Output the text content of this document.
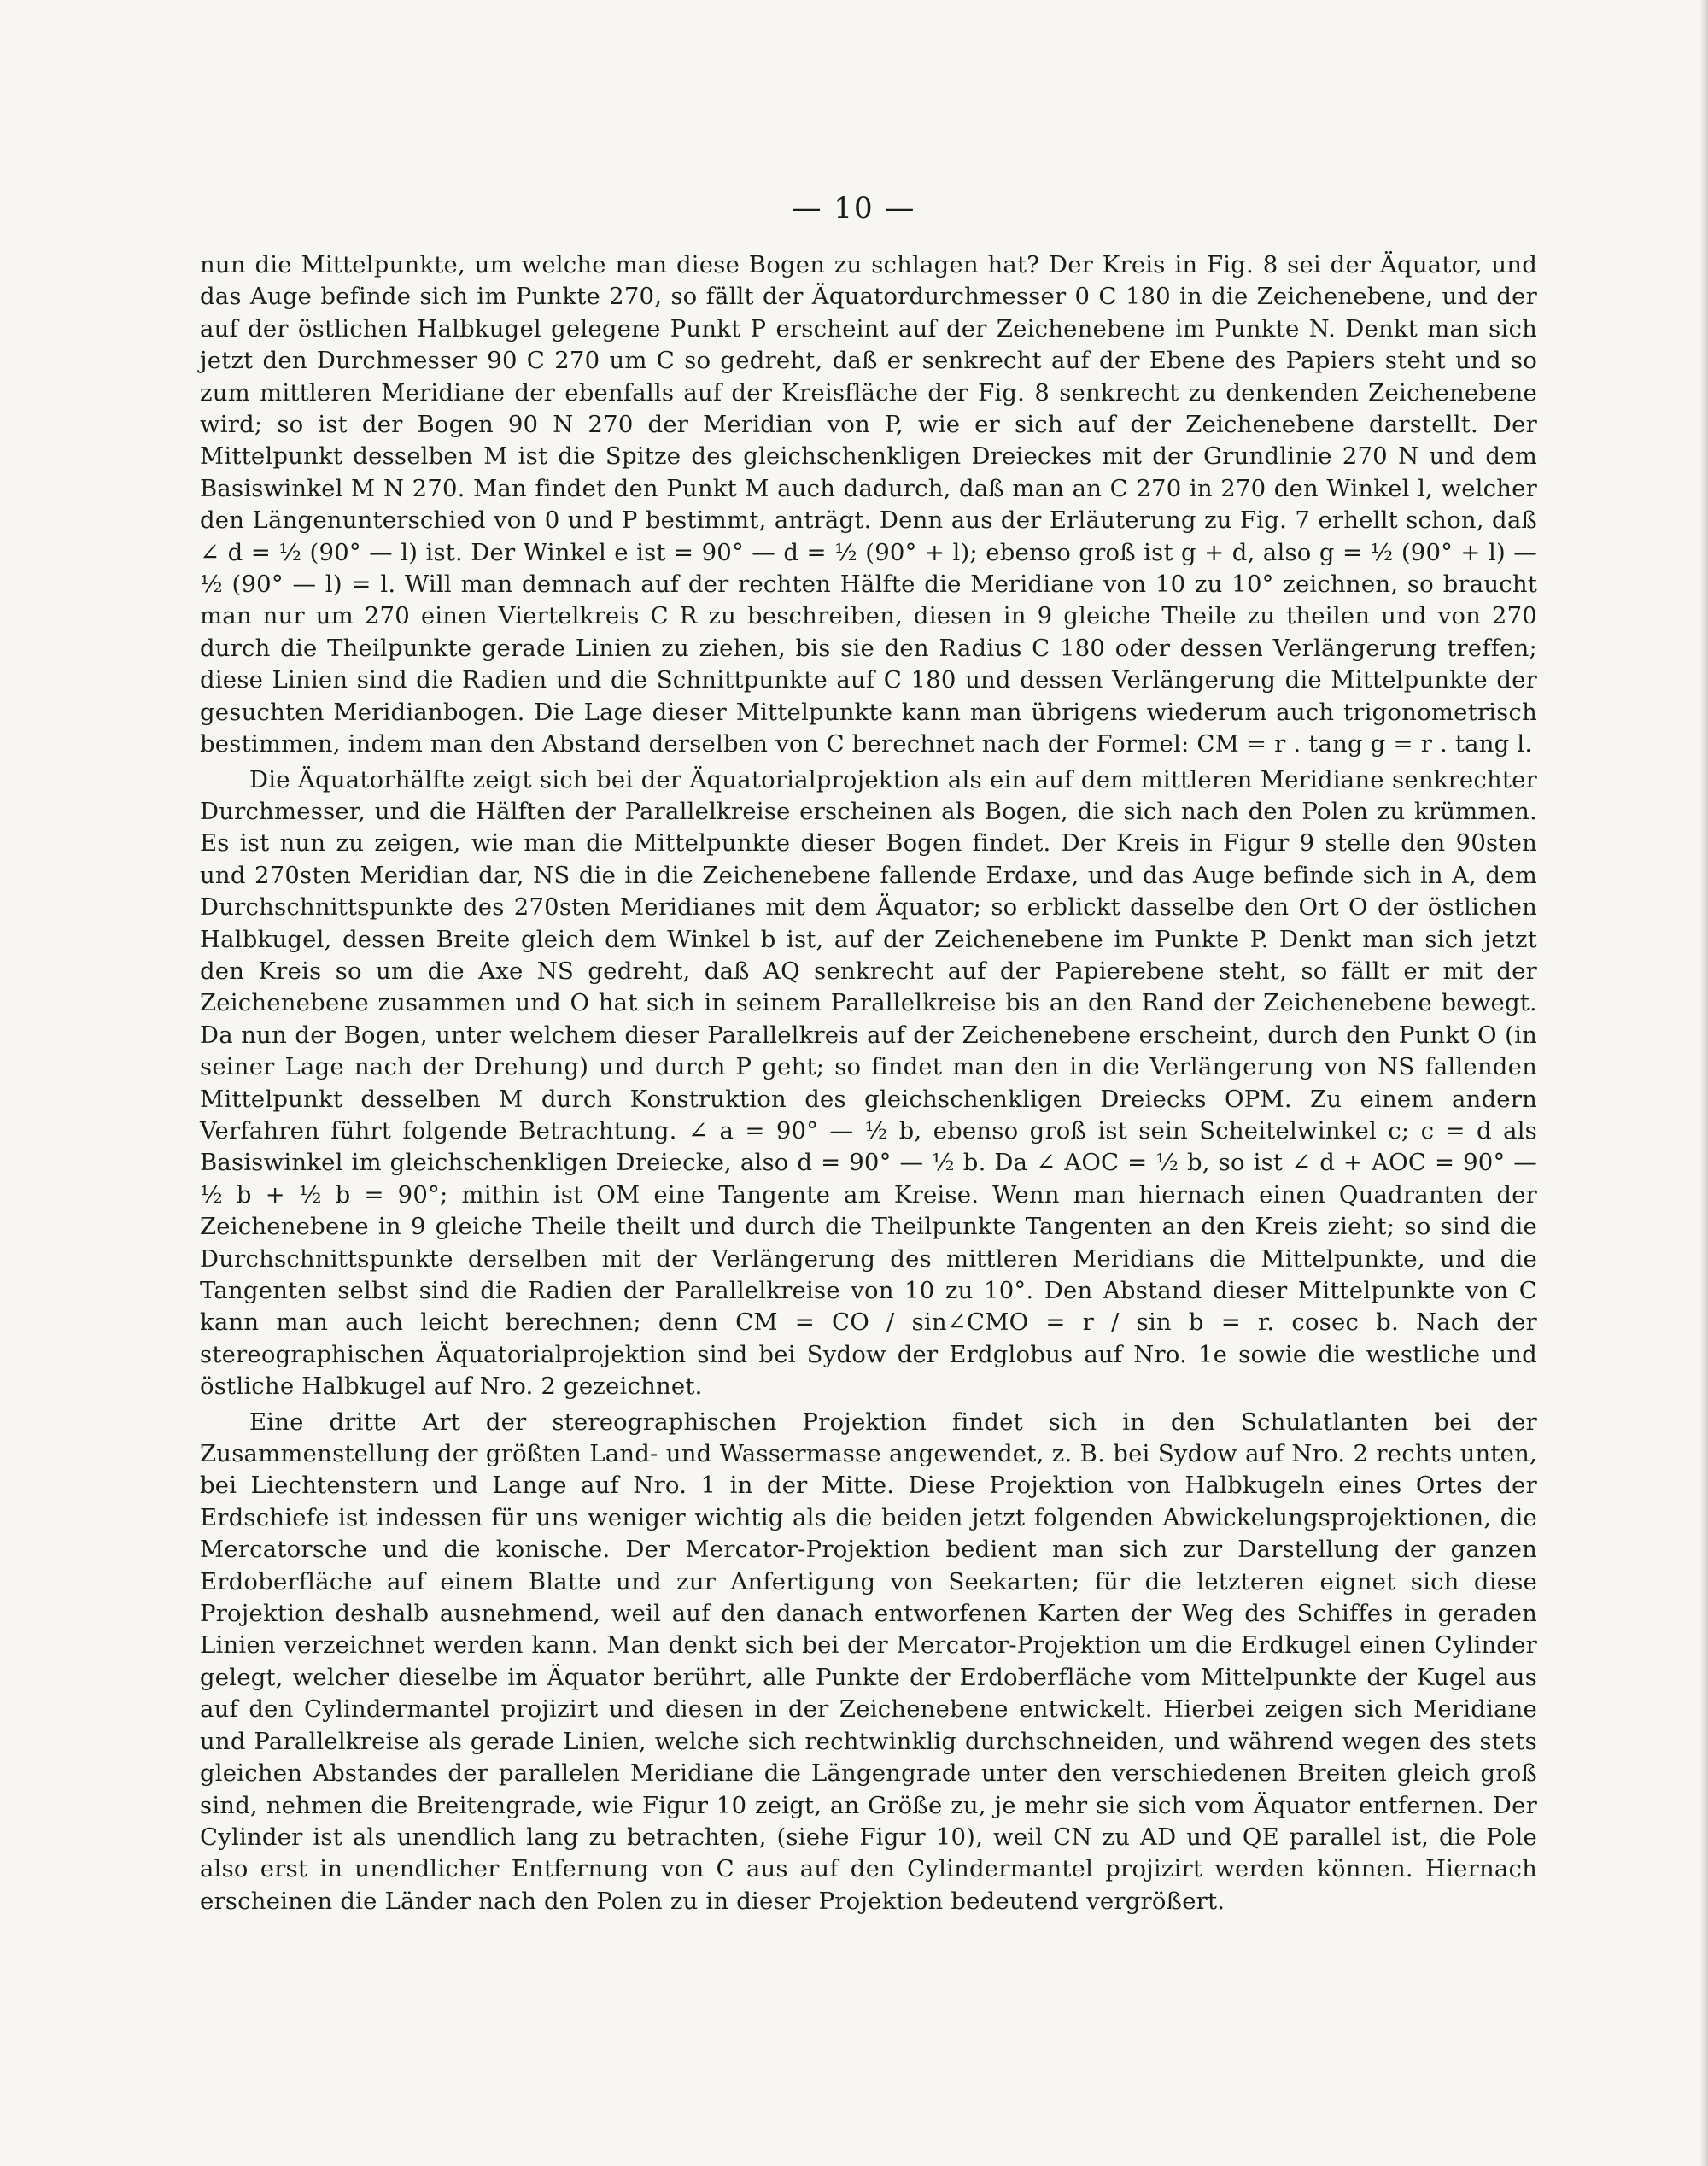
— 10 —

nun die Mittelpunkte, um welche man diese Bogen zu schlagen hat? Der Kreis in Fig. 8 sei der Äquator, und das Auge befinde sich im Punkte 270, so fällt der Äquatordurchmesser 0 C 180 in die Zeichenebene, und der auf der östlichen Halbkugel gelegene Punkt P erscheint auf der Zeichenebene im Punkte N. Denkt man sich jetzt den Durchmesser 90 C 270 um C so gedreht, daß er senkrecht auf der Ebene des Papiers steht und so zum mittleren Meridiane der ebenfalls auf der Kreisfläche der Fig. 8 senkrecht zu denkenden Zeichenebene wird; so ist der Bogen 90 N 270 der Meridian von P, wie er sich auf der Zeichenebene darstellt. Der Mittelpunkt desselben M ist die Spitze des gleichschenkligen Dreieckes mit der Grundlinie 270 N und dem Basiswinkel M N 270. Man findet den Punkt M auch dadurch, daß man an C 270 in 270 den Winkel l, welcher den Längenunterschied von 0 und P bestimmt, anträgt. Denn aus der Erläuterung zu Fig. 7 erhellt schon, daß ∠ d = ½ (90° — l) ist. Der Winkel e ist = 90° — d = ½ (90° + l); ebenso groß ist g + d, also g = ½ (90° + l) — ½ (90° — l) = l. Will man demnach auf der rechten Hälfte die Meridiane von 10 zu 10° zeichnen, so braucht man nur um 270 einen Viertelkreis C R zu beschreiben, diesen in 9 gleiche Theile zu theilen und von 270 durch die Theilpunkte gerade Linien zu ziehen, bis sie den Radius C 180 oder dessen Verlängerung treffen; diese Linien sind die Radien und die Schnittpunkte auf C 180 und dessen Verlängerung die Mittelpunkte der gesuchten Meridianbogen. Die Lage dieser Mittelpunkte kann man übrigens wiederum auch trigonometrisch bestimmen, indem man den Abstand derselben von C berechnet nach der Formel: CM = r . tang g = r . tang l.

Die Äquatorhälfte zeigt sich bei der Äquatorialprojektion als ein auf dem mittleren Meridiane senkrechter Durchmesser, und die Hälften der Parallelkreise erscheinen als Bogen, die sich nach den Polen zu krümmen. Es ist nun zu zeigen, wie man die Mittelpunkte dieser Bogen findet. Der Kreis in Figur 9 stelle den 90sten und 270sten Meridian dar, NS die in die Zeichenebene fallende Erdaxe, und das Auge befinde sich in A, dem Durchschnittspunkte des 270sten Meridianes mit dem Äquator; so erblickt dasselbe den Ort O der östlichen Halbkugel, dessen Breite gleich dem Winkel b ist, auf der Zeichenebene im Punkte P. Denkt man sich jetzt den Kreis so um die Axe NS gedreht, daß AQ senkrecht auf der Papierebene steht, so fällt er mit der Zeichenebene zusammen und O hat sich in seinem Parallelkreise bis an den Rand der Zeichenebene bewegt. Da nun der Bogen, unter welchem dieser Parallelkreis auf der Zeichenebene erscheint, durch den Punkt O (in seiner Lage nach der Drehung) und durch P geht; so findet man den in die Verlängerung von NS fallenden Mittelpunkt desselben M durch Konstruktion des gleichschenkligen Dreiecks OPM. Zu einem andern Verfahren führt folgende Betrachtung. ∠ a = 90° — ½ b, ebenso groß ist sein Scheitelwinkel c; c = d als Basiswinkel im gleichschenkligen Dreiecke, also d = 90° — ½ b. Da ∠ AOC = ½ b, so ist ∠ d + AOC = 90° — ½ b + ½ b = 90°; mithin ist OM eine Tangente am Kreise. Wenn man hiernach einen Quadranten der Zeichenebene in 9 gleiche Theile theilt und durch die Theilpunkte Tangenten an den Kreis zieht; so sind die Durchschnittspunkte derselben mit der Verlängerung des mittleren Meridians die Mittelpunkte, und die Tangenten selbst sind die Radien der Parallelkreise von 10 zu 10°. Den Abstand dieser Mittelpunkte von C kann man auch leicht berechnen; denn CM = CO / sin∠CMO = r / sin b = r. cosec b. Nach der stereographischen Äquatorialprojektion sind bei Sydow der Erdglobus auf Nro. 1e sowie die westliche und östliche Halbkugel auf Nro. 2 gezeichnet.

Eine dritte Art der stereographischen Projektion findet sich in den Schulatlanten bei der Zusammenstellung der größten Land- und Wassermasse angewendet, z. B. bei Sydow auf Nro. 2 rechts unten, bei Liechtenstern und Lange auf Nro. 1 in der Mitte. Diese Projektion von Halbkugeln eines Ortes der Erdschiefe ist indessen für uns weniger wichtig als die beiden jetzt folgenden Abwickelungsprojektionen, die Mercatorsche und die konische. Der Mercator-Projektion bedient man sich zur Darstellung der ganzen Erdoberfläche auf einem Blatte und zur Anfertigung von Seekarten; für die letzteren eignet sich diese Projektion deshalb ausnehmend, weil auf den danach entworfenen Karten der Weg des Schiffes in geraden Linien verzeichnet werden kann. Man denkt sich bei der Mercator-Projektion um die Erdkugel einen Cylinder gelegt, welcher dieselbe im Äquator berührt, alle Punkte der Erdoberfläche vom Mittelpunkte der Kugel aus auf den Cylindermantel projizirt und diesen in der Zeichenebene entwickelt. Hierbei zeigen sich Meridiane und Parallelkreise als gerade Linien, welche sich rechtwinklig durchschneiden, und während wegen des stets gleichen Abstandes der parallelen Meridiane die Längengrade unter den verschiedenen Breiten gleich groß sind, nehmen die Breitengrade, wie Figur 10 zeigt, an Größe zu, je mehr sie sich vom Äquator entfernen. Der Cylinder ist als unendlich lang zu betrachten, (siehe Figur 10), weil CN zu AD und QE parallel ist, die Pole also erst in unendlicher Entfernung von C aus auf den Cylindermantel projizirt werden können. Hiernach erscheinen die Länder nach den Polen zu in dieser Projektion bedeutend vergrößert.
